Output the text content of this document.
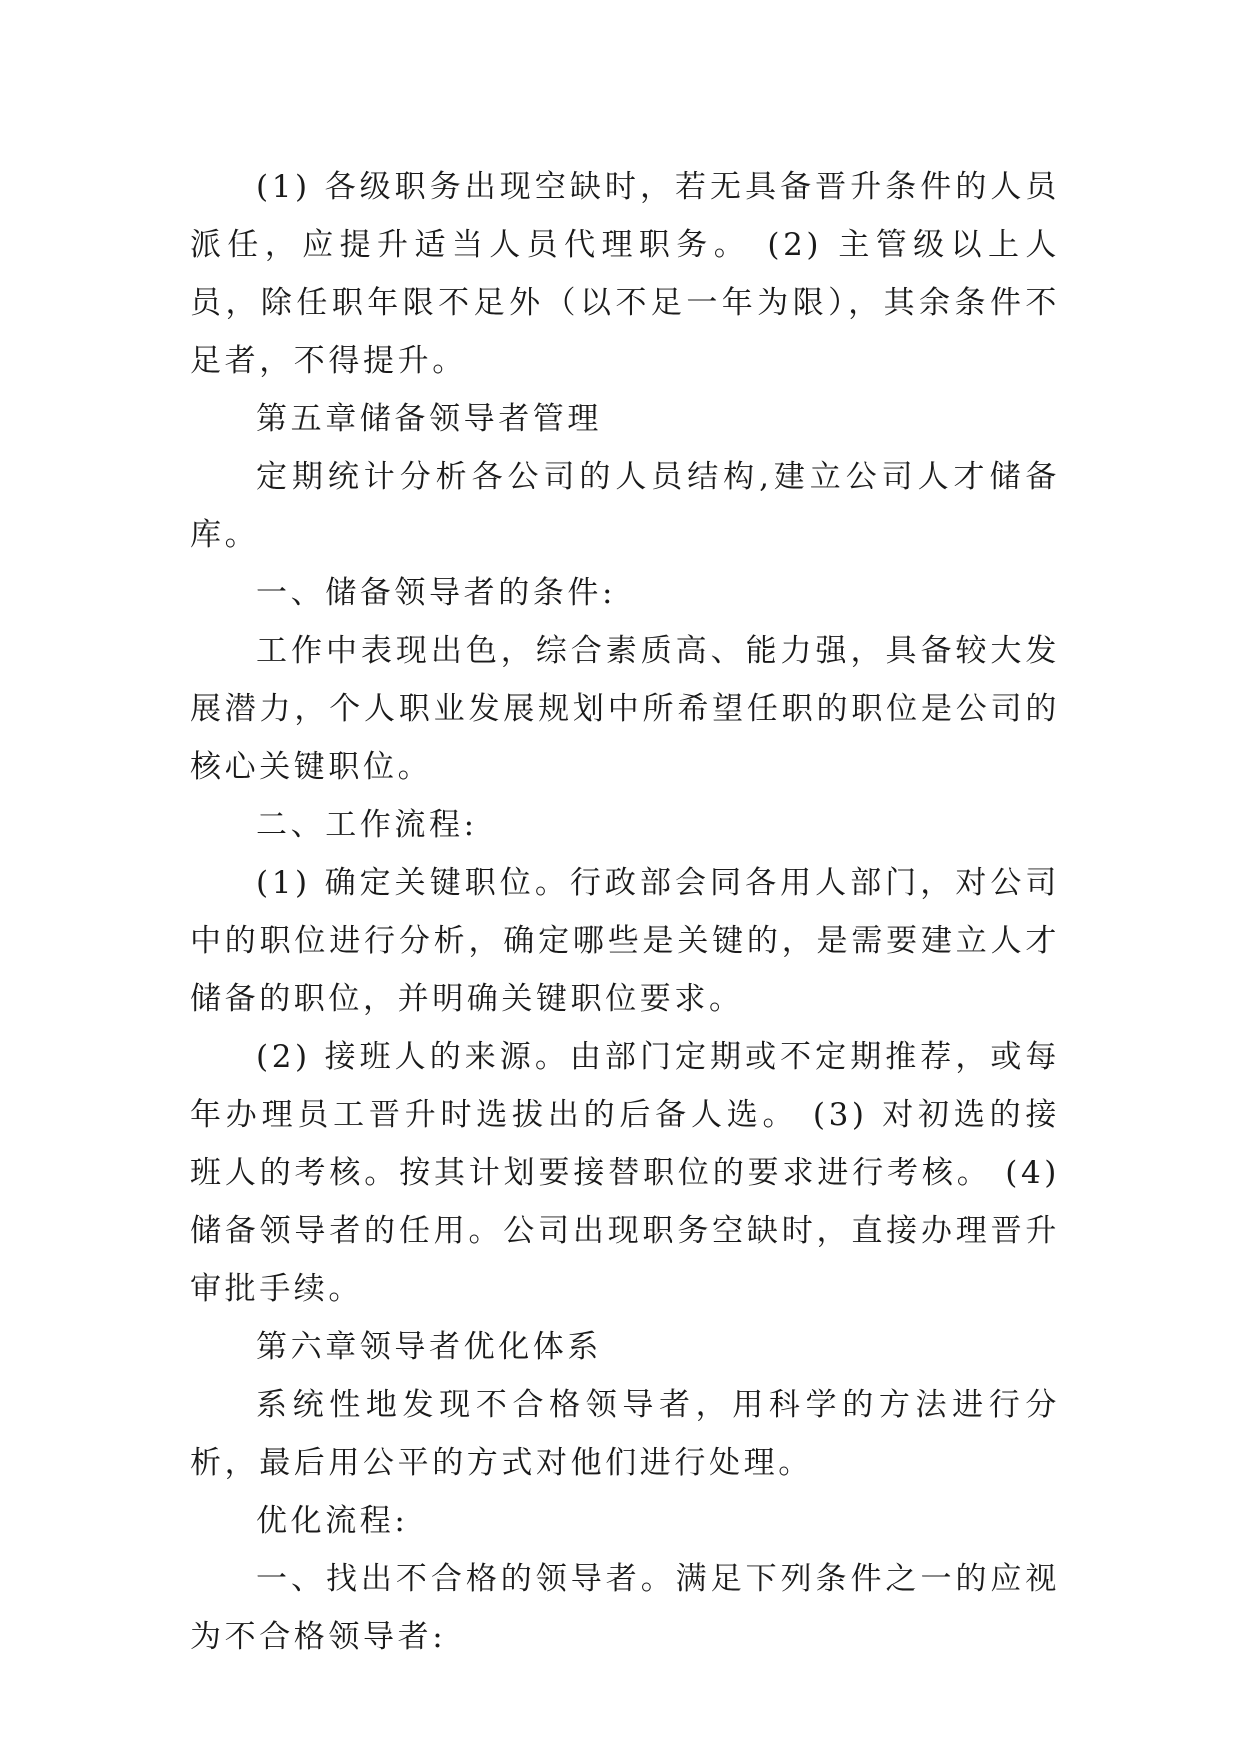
(1) 各级职务出现空缺时，若无具备晋升条件的人员派任，应提升适当人员代理职务。 (2) 主管级以上人员，除任职年限不足外（以不足一年为限），其余条件不足者，不得提升。

第五章储备领导者管理

定期统计分析各公司的人员结构,建立公司人才储备库。

一、储备领导者的条件:

工作中表现出色，综合素质高、能力强，具备较大发展潜力，个人职业发展规划中所希望任职的职位是公司的核心关键职位。

二、工作流程:

(1) 确定关键职位。行政部会同各用人部门，对公司中的职位进行分析，确定哪些是关键的，是需要建立人才储备的职位，并明确关键职位要求。

(2) 接班人的来源。由部门定期或不定期推荐，或每年办理员工晋升时选拔出的后备人选。 (3) 对初选的接班人的考核。按其计划要接替职位的要求进行考核。 (4) 储备领导者的任用。公司出现职务空缺时，直接办理晋升审批手续。

第六章领导者优化体系

系统性地发现不合格领导者，用科学的方法进行分析，最后用公平的方式对他们进行处理。

优化流程:

一、找出不合格的领导者。满足下列条件之一的应视为不合格领导者:
